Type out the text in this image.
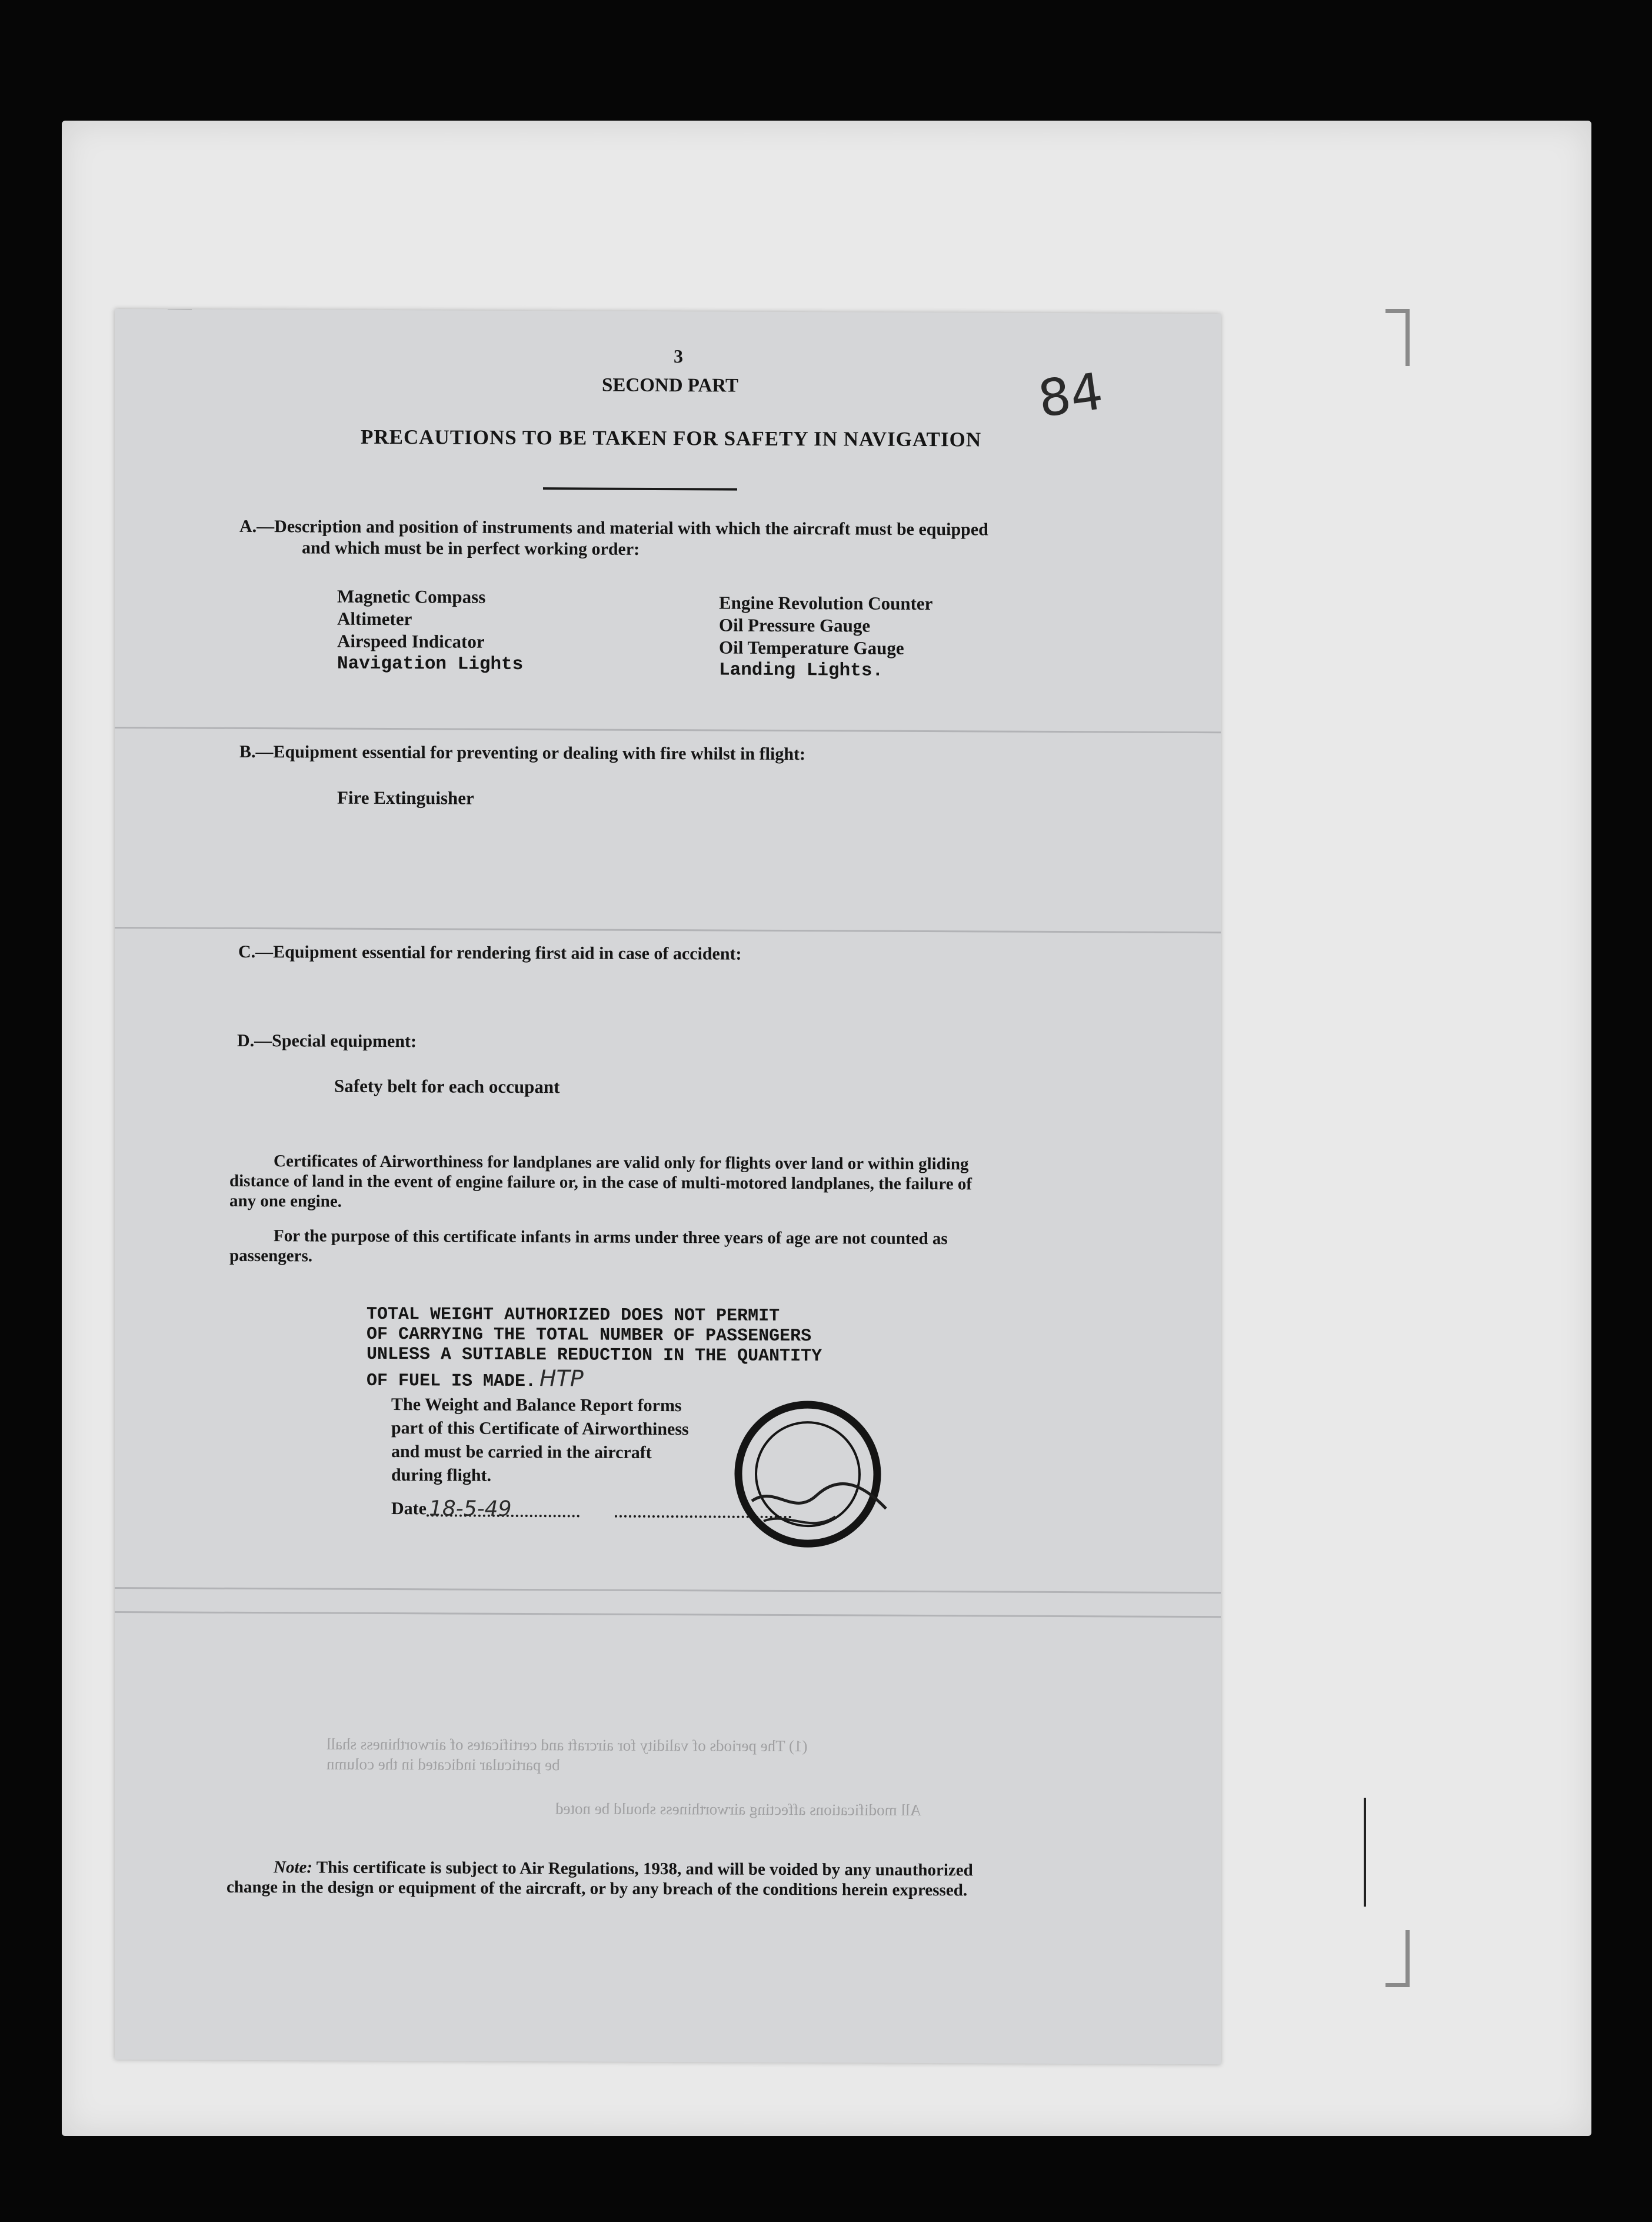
3
SECOND PART
PRECAUTIONS TO BE TAKEN FOR SAFETY IN NAVIGATION
84
A.—Description and position of instruments and material with which the aircraft must be equipped
and which must be in perfect working order:
Magnetic Compass
Altimeter
Airspeed Indicator
Navigation Lights
Engine Revolution Counter
Oil Pressure Gauge
Oil Temperature Gauge
Landing Lights.
B.—Equipment essential for preventing or dealing with fire whilst in flight:
Fire Extinguisher
C.—Equipment essential for rendering first aid in case of accident:
D.—Special equipment:
Safety belt for each occupant
Certificates of Airworthiness for landplanes are valid only for flights over land or within gliding
distance of land in the event of engine failure or, in the case of multi-motored landplanes, the failure of
any one engine.
For the purpose of this certificate infants in arms under three years of age are not counted as
passengers.
TOTAL WEIGHT AUTHORIZED DOES NOT PERMIT
OF CARRYING THE TOTAL NUMBER OF PASSENGERS
UNLESS A SUTIABLE REDUCTION IN THE QUANTITY
OF FUEL IS MADE. HTP
The Weight and Balance Report forms
part of this Certificate of Airworthiness
and must be carried in the aircraft
during flight.
Date 18-5-49
(1) The periods of validity for aircraft and certificates of airworthiness shall
be particular indicated in the column
All modifications affecting airworthiness should be noted
Note: This certificate is subject to Air Regulations, 1938, and will be voided by any unauthorized
change in the design or equipment of the aircraft, or by any breach of the conditions herein expressed.
